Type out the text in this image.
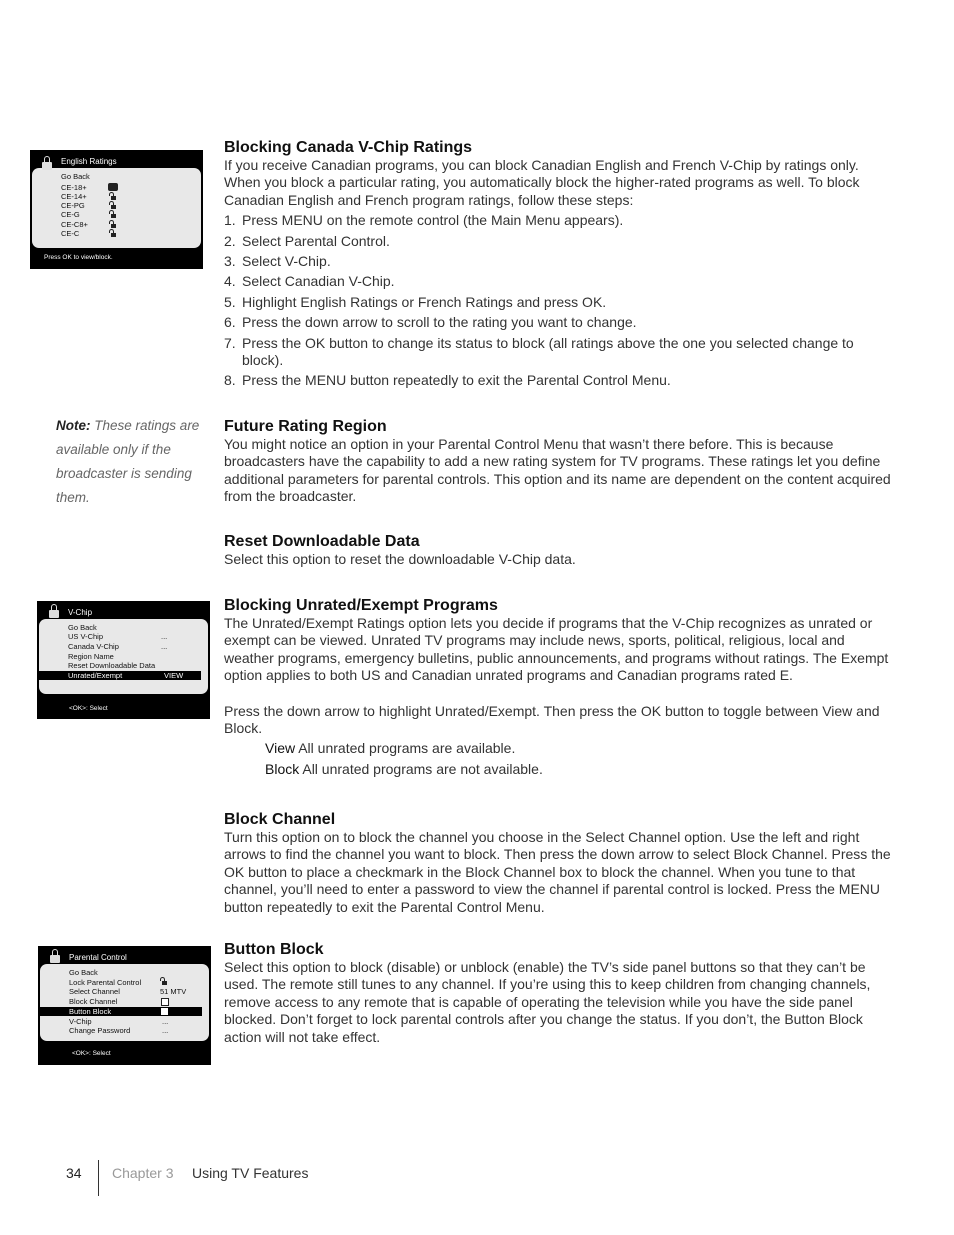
English Ratings
Go Back
CE-18+
CE-14+
CE-PG
CE-G
CE-C8+
CE-C
Press OK to view/block.
Blocking Canada V-Chip Ratings

If you receive Canadian programs, you can block Canadian English and French V-Chip by ratings only. When you block a particular rating, you automatically block the higher-rated programs as well. To block Canadian English and French program ratings, follow these steps:

1. Press MENU on the remote control (the Main Menu appears).
2. Select Parental Control.
3. Select V-Chip.
4. Select Canadian V-Chip.
5. Highlight English Ratings or French Ratings and press OK.
6. Press the down arrow to scroll to the rating you want to change.
7. Press the OK button to change its status to block (all ratings above the one you selected change to block).
8. Press the MENU button repeatedly to exit the Parental Control Menu.
Note: These ratings are available only if the broadcaster is sending them.
Future Rating Region

You might notice an option in your Parental Control Menu that wasn’t there before. This is because broadcasters have the capability to add a new rating system for TV programs. These ratings let you define additional parameters for parental controls. This option and its name are dependent on the content acquired from the broadcaster.

Reset Downloadable Data

Select this option to reset the downloadable V-Chip data.

V-Chip
Go Back
US V-Chip	...
Canada V-Chip	...
Region Name
Reset Downloadable Data
Unrated/Exempt	VIEW
<OK>: Select
Blocking Unrated/Exempt Programs

The Unrated/Exempt Ratings option lets you decide if programs that the V-Chip recognizes as unrated or exempt can be viewed. Unrated TV programs may include news, sports, political, religious, local and weather programs, emergency bulletins, public announcements, and programs without ratings. The Exempt option applies to both US and Canadian unrated programs and Canadian programs rated E.

Press the down arrow to highlight Unrated/Exempt. Then press the OK button to toggle between View and Block.

View All unrated programs are available.

Block All unrated programs are not available.

Block Channel

Turn this option on to block the channel you choose in the Select Channel option. Use the left and right arrows to find the channel you want to block. Then press the down arrow to select Block Channel. Press the OK button to place a checkmark in the Block Channel box to block the channel. When you tune to that channel, you’ll need to enter a password to view the channel if parental control is locked. Press the MENU button repeatedly to exit the Parental Control Menu.

Parental Control
Go Back
Lock Parental Control
Select Channel	51 MTV
Block Channel
Button Block
V-Chip	...
Change Password	...
<OK>: Select
Button Block

Select this option to block (disable) or unblock (enable) the TV’s side panel buttons so that they can’t be used. The remote still tunes to any channel. If you’re using this to keep children from changing channels, remove access to any remote that is capable of operating the television while you have the side panel blocked. Don’t forget to lock parental controls after you change the status. If you don’t, the Button Block action will not take effect.

34 Chapter 3 Using TV Features
